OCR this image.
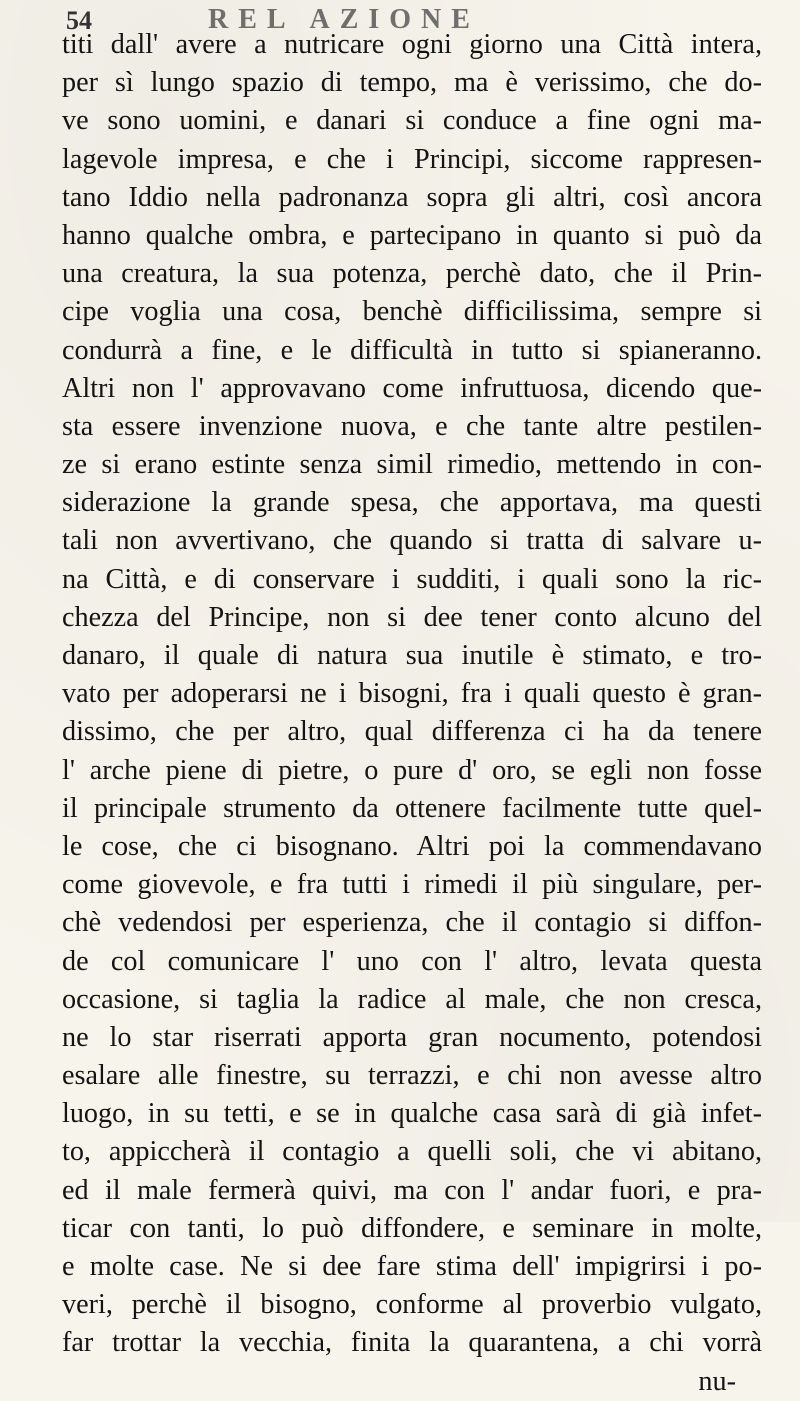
54	REL AZIONE
titi dall' avere a nutricare ogni giorno una Città intera,
per sì lungo spazio di tempo, ma è verissimo, che do-
ve sono uomini, e danari si conduce a fine ogni ma-
lagevole impresa, e che i Principi, siccome rappresen-
tano Iddio nella padronanza sopra gli altri, così ancora
hanno qualche ombra, e partecipano in quanto si può da
una creatura, la sua potenza, perchè dato, che il Prin-
cipe voglia una cosa, benchè difficilissima, sempre si
condurrà a fine, e le difficultà in tutto si spianeranno.
Altri non l' approvavano come infruttuosa, dicendo que-
sta essere invenzione nuova, e che tante altre pestilen-
ze si erano estinte senza simil rimedio, mettendo in con-
siderazione la grande spesa, che apportava, ma questi
tali non avvertivano, che quando si tratta di salvare u-
na Città, e di conservare i sudditi, i quali sono la ric-
chezza del Principe, non si dee tener conto alcuno del
danaro, il quale di natura sua inutile è stimato, e tro-
vato per adoperarsi ne i bisogni, fra i quali questo è gran-
dissimo, che per altro, qual differenza ci ha da tenere
l' arche piene di pietre, o pure d' oro, se egli non fosse
il principale strumento da ottenere facilmente tutte quel-
le cose, che ci bisognano. Altri poi la commendavano
come giovevole, e fra tutti i rimedi il più singulare, per-
chè vedendosi per esperienza, che il contagio si diffon-
de col comunicare l' uno con l' altro, levata questa
occasione, si taglia la radice al male, che non cresca,
ne lo star riserrati apporta gran nocumento, potendosi
esalare alle finestre, su terrazzi, e chi non avesse altro
luogo, in su tetti, e se in qualche casa sarà di già infet-
to, appiccherà il contagio a quelli soli, che vi abitano,
ed il male fermerà quivi, ma con l' andar fuori, e pra-
ticar con tanti, lo può diffondere, e seminare in molte,
e molte case. Ne si dee fare stima dell' impigrirsi i po-
veri, perchè il bisogno, conforme al proverbio vulgato,
far trottar la vecchia, finita la quarantena, a chi vorrà
nu-
